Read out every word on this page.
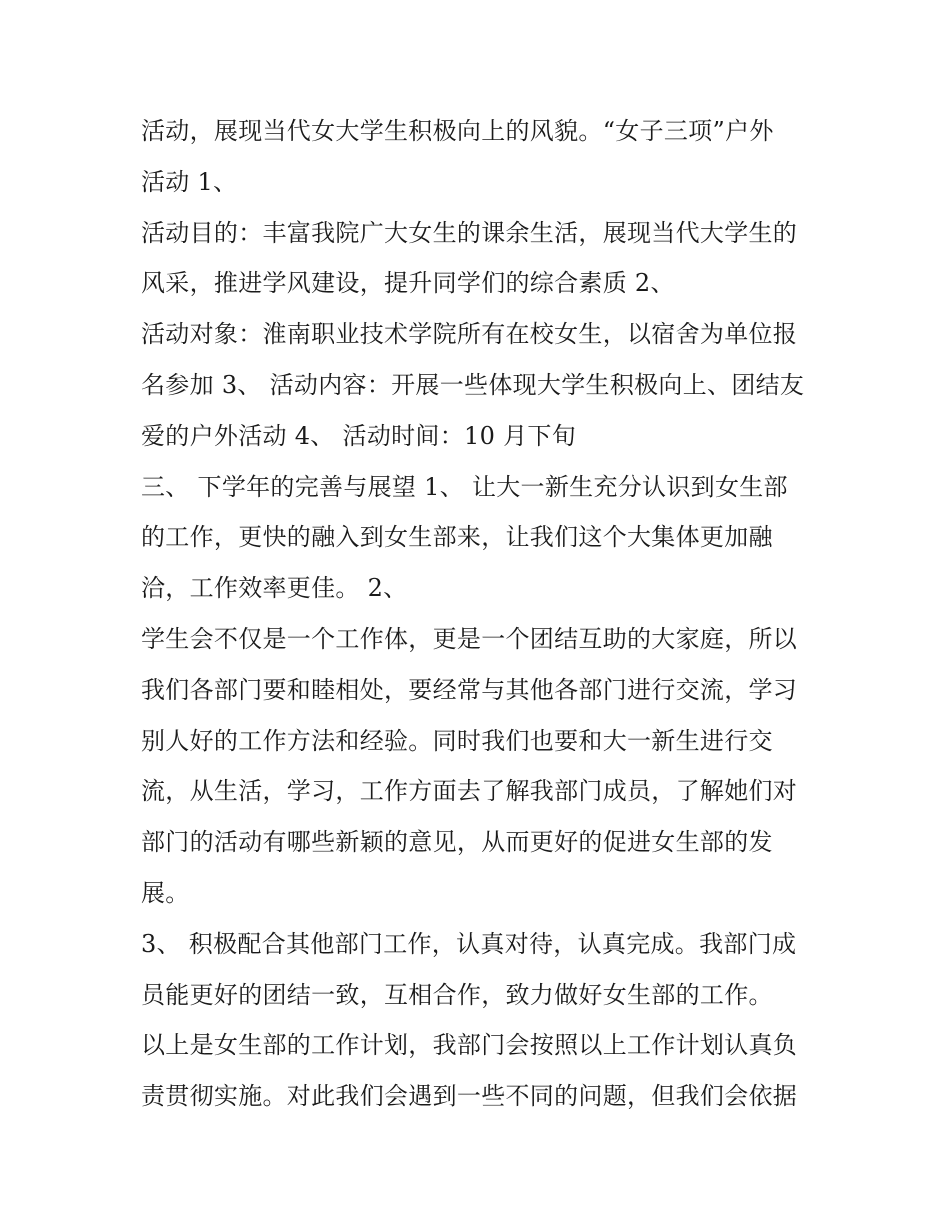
活动，展现当代女大学生积极向上的风貌。“女子三项”户外
活动 1、
活动目的：丰富我院广大女生的课余生活，展现当代大学生的
风采，推进学风建设，提升同学们的综合素质 2、
活动对象：淮南职业技术学院所有在校女生，以宿舍为单位报
名参加 3、 活动内容：开展一些体现大学生积极向上、团结友
爱的户外活动 4、 活动时间：10 月下旬
三、 下学年的完善与展望 1、 让大一新生充分认识到女生部
的工作，更快的融入到女生部来，让我们这个大集体更加融
洽，工作效率更佳。 2、
学生会不仅是一个工作体，更是一个团结互助的大家庭，所以
我们各部门要和睦相处，要经常与其他各部门进行交流，学习
别人好的工作方法和经验。同时我们也要和大一新生进行交
流，从生活，学习，工作方面去了解我部门成员，了解她们对
部门的活动有哪些新颖的意见，从而更好的促进女生部的发
展。
3、 积极配合其他部门工作，认真对待，认真完成。我部门成
员能更好的团结一致，互相合作，致力做好女生部的工作。
以上是女生部的工作计划，我部门会按照以上工作计划认真负
责贯彻实施。对此我们会遇到一些不同的问题，但我们会依据
